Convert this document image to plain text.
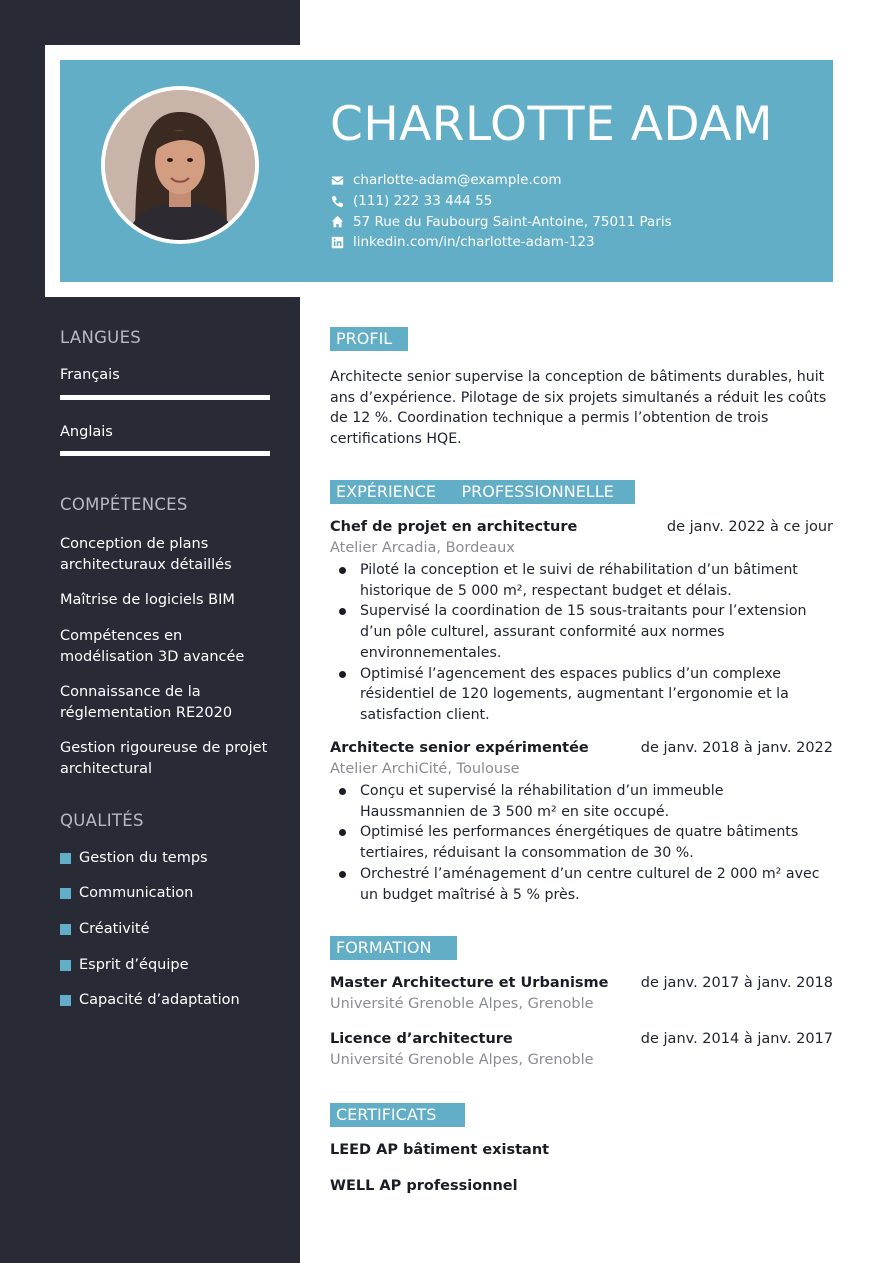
CHARLOTTE ADAM
charlotte-adam@example.com
(111) 222 33 444 55
57 Rue du Faubourg Saint-Antoine, 75011 Paris
linkedin.com/in/charlotte-adam-123
LANGUES
Français
Anglais
COMPÉTENCES
Conception de plans architecturaux détaillés
Maîtrise de logiciels BIM
Compétences en modélisation 3D avancée
Connaissance de la réglementation RE2020
Gestion rigoureuse de projet architectural
QUALITÉS
Gestion du temps
Communication
Créativité
Esprit d’équipe
Capacité d’adaptation
PROFIL
Architecte senior supervise la conception de bâtiments durables, huit ans d’expérience. Pilotage de six projets simultanés a réduit les coûts de 12 %. Coordination technique a permis l’obtention de trois certifications HQE.
EXPÉRIENCE     PROFESSIONNELLE
Chef de projet en architecture	de janv. 2022 à ce jour
Atelier Arcadia, Bordeaux
Piloté la conception et le suivi de réhabilitation d’un bâtiment historique de 5 000 m², respectant budget et délais.
Supervisé la coordination de 15 sous-traitants pour l’extension d’un pôle culturel, assurant conformité aux normes environnementales.
Optimisé l’agencement des espaces publics d’un complexe résidentiel de 120 logements, augmentant l’ergonomie et la satisfaction client.
Architecte senior expérimentée	de janv. 2018 à janv. 2022
Atelier ArchiCité, Toulouse
Conçu et supervisé la réhabilitation d’un immeuble Haussmannien de 3 500 m² en site occupé.
Optimisé les performances énergétiques de quatre bâtiments tertiaires, réduisant la consommation de 30 %.
Orchestré l’aménagement d’un centre culturel de 2 000 m² avec un budget maîtrisé à 5 % près.
FORMATION
Master Architecture et Urbanisme de janv. 2017 à janv. 2018
Université Grenoble Alpes, Grenoble
Licence d’architecture	de janv. 2014 à janv. 2017
Université Grenoble Alpes, Grenoble
CERTIFICATS
LEED AP bâtiment existant
WELL AP professionnel
